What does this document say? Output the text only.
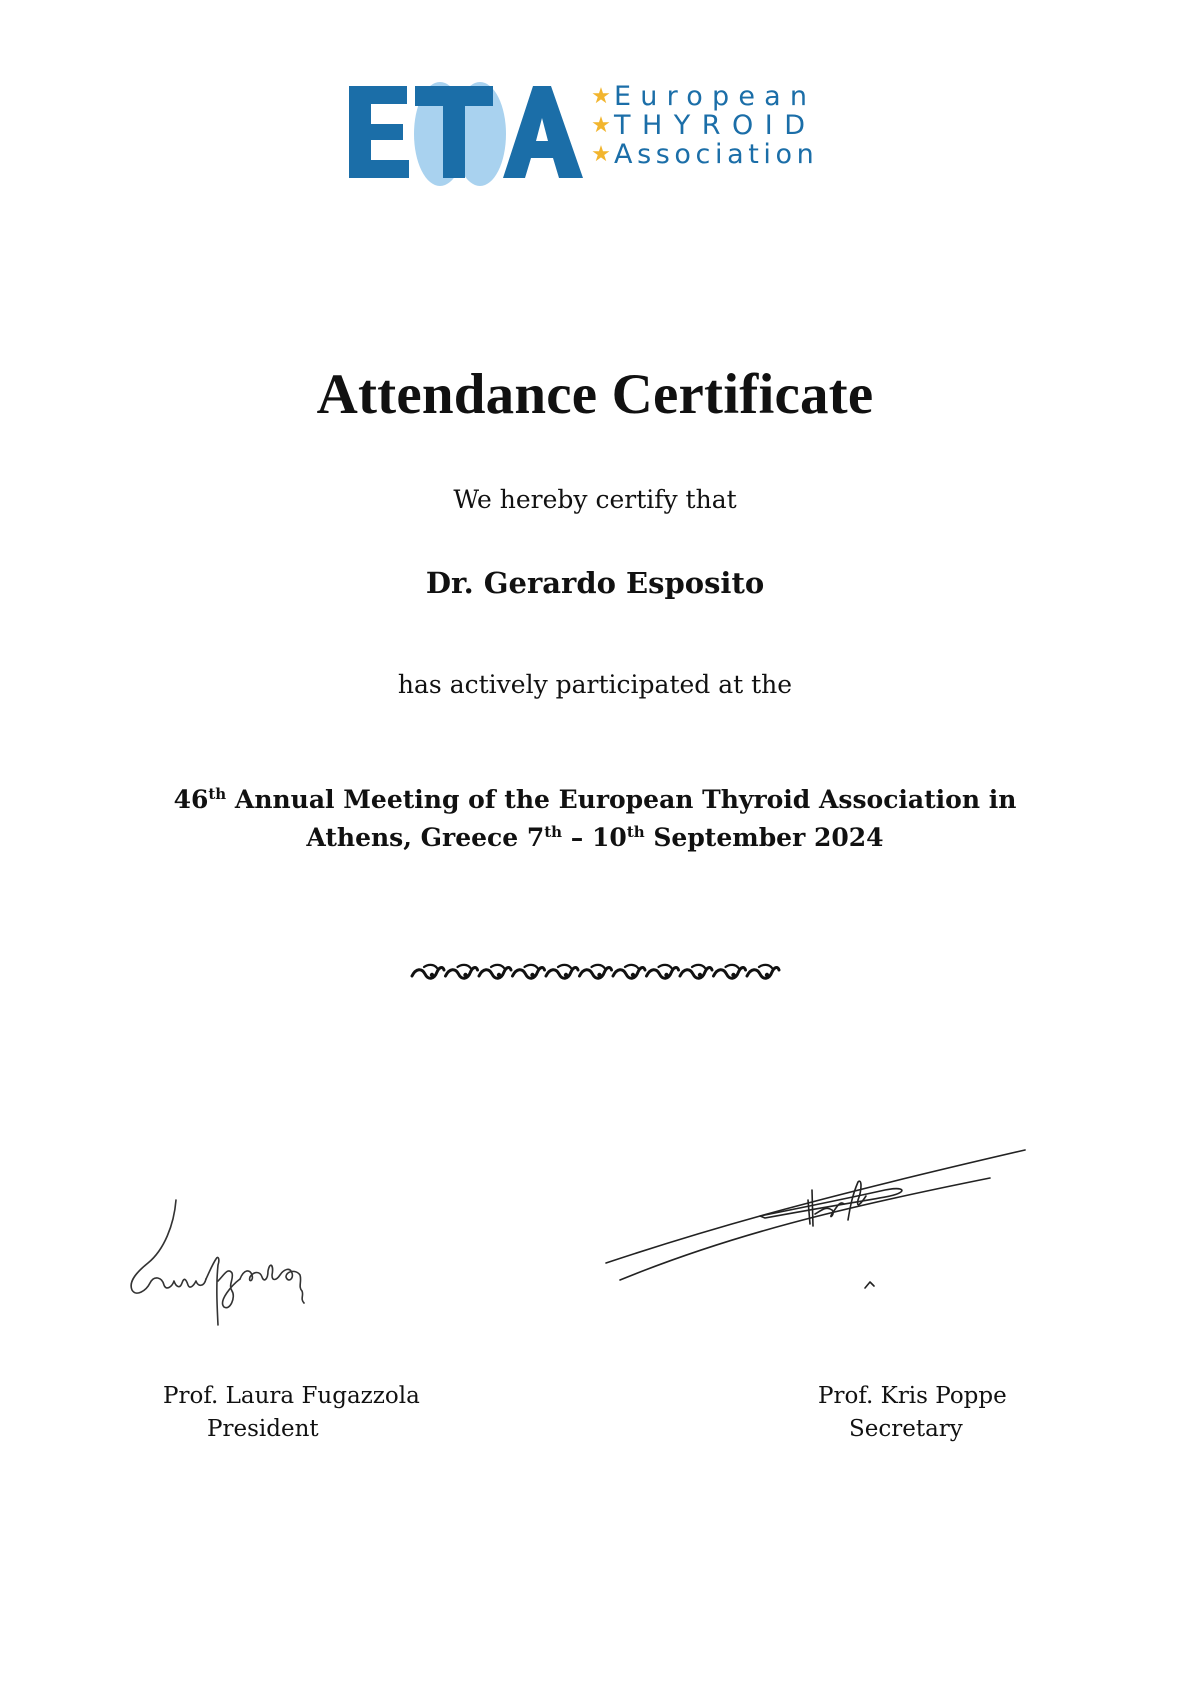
★ European
★ THYROID
★ Association
Attendance Certificate
We hereby certify that
Dr. Gerardo Esposito
has actively participated at the
46th Annual Meeting of the European Thyroid Association in
Athens, Greece 7th – 10th September 2024
Prof. Laura Fugazzola
President
Prof. Kris Poppe
Secretary
